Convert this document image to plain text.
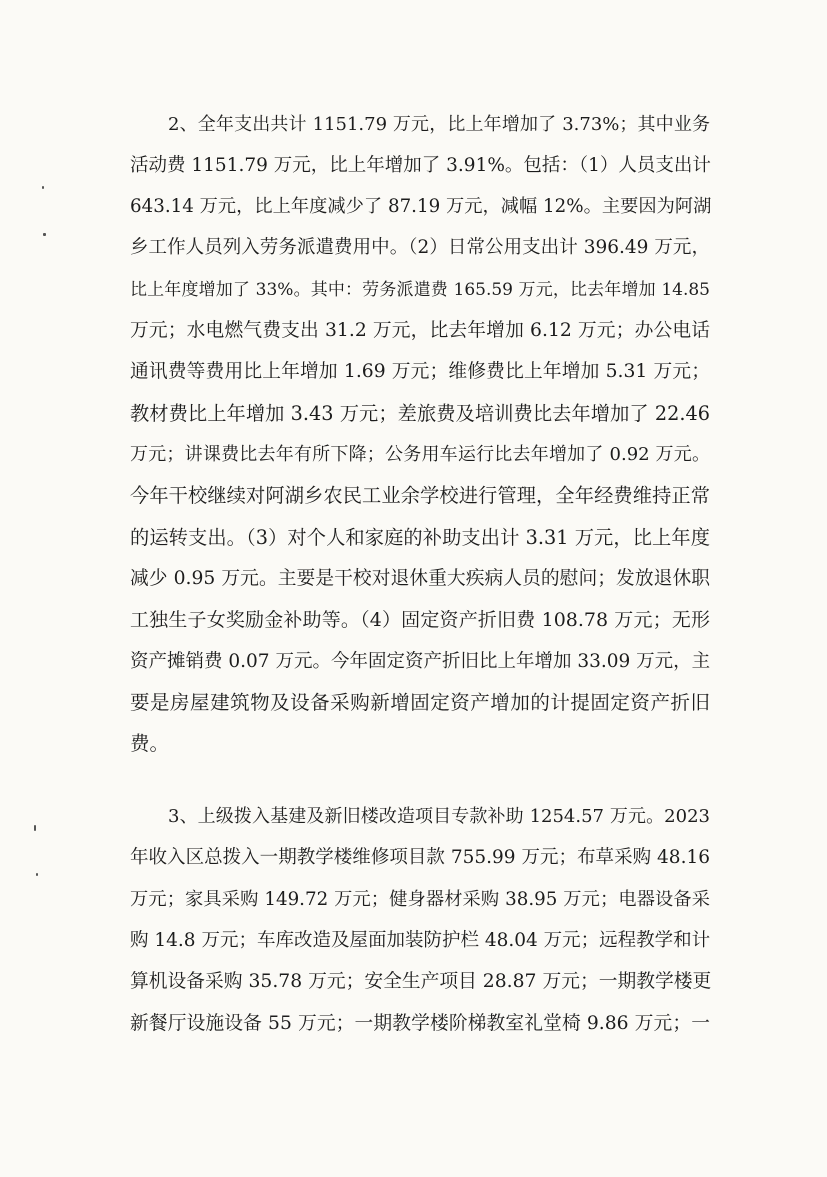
2、全年支出共计 1151.79 万元，比上年增加了 3.73%；其中业务
活动费 1151.79 万元，比上年增加了 3.91%。包括：（1）人员支出计
643.14 万元，比上年度减少了 87.19 万元，减幅 12%。主要因为阿湖
乡工作人员列入劳务派遣费用中。（2）日常公用支出计 396.49 万元，
比上年度增加了 33%。其中：劳务派遣费 165.59 万元，比去年增加 14.85
万元；水电燃气费支出 31.2 万元，比去年增加 6.12 万元；办公电话
通讯费等费用比上年增加 1.69 万元；维修费比上年增加 5.31 万元；
教材费比上年增加 3.43 万元；差旅费及培训费比去年增加了 22.46
万元；讲课费比去年有所下降；公务用车运行比去年增加了 0.92 万元。
今年干校继续对阿湖乡农民工业余学校进行管理，全年经费维持正常
的运转支出。（3）对个人和家庭的补助支出计 3.31 万元，比上年度
减少 0.95 万元。主要是干校对退休重大疾病人员的慰问；发放退休职
工独生子女奖励金补助等。（4）固定资产折旧费 108.78 万元；无形
资产摊销费 0.07 万元。今年固定资产折旧比上年增加 33.09 万元，主
要是房屋建筑物及设备采购新增固定资产增加的计提固定资产折旧
费。
3、上级拨入基建及新旧楼改造项目专款补助 1254.57 万元。2023
年收入区总拨入一期教学楼维修项目款 755.99 万元；布草采购 48.16
万元；家具采购 149.72 万元；健身器材采购 38.95 万元；电器设备采
购 14.8 万元；车库改造及屋面加装防护栏 48.04 万元；远程教学和计
算机设备采购 35.78 万元；安全生产项目 28.87 万元；一期教学楼更
新餐厅设施设备 55 万元；一期教学楼阶梯教室礼堂椅 9.86 万元；一
